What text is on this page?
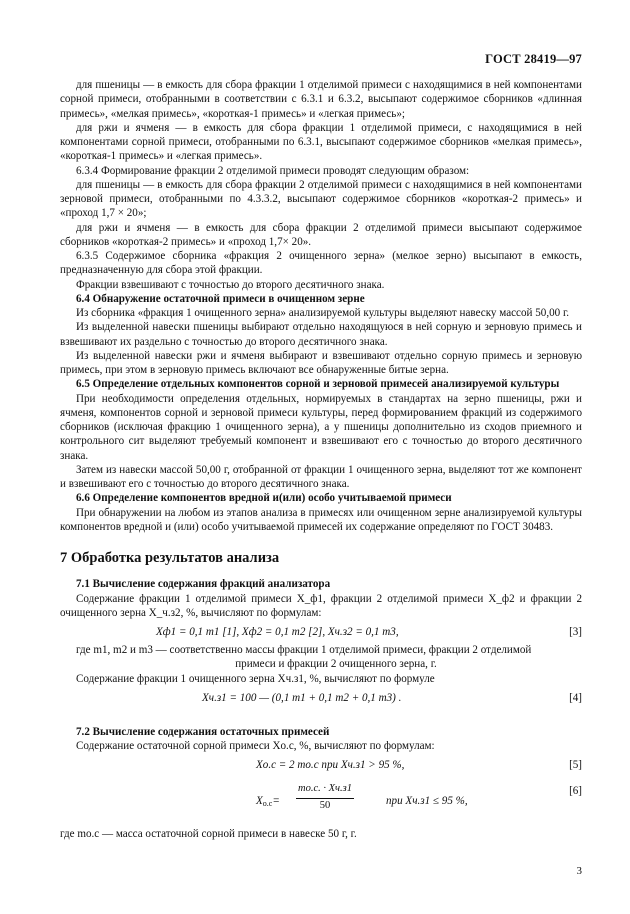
ГОСТ 28419—97

для пшеницы — в емкость для сбора фракции 1 отделимой примеси с находящимися в ней компонентами сорной примеси, отобранными в соответствии с 6.3.1 и 6.3.2, высыпают содержимое сборников «длинная примесь», «мелкая примесь», «короткая-1 примесь» и «легкая примесь»;

для ржи и ячменя — в емкость для сбора фракции 1 отделимой примеси, с находящимися в ней компонентами сорной примеси, отобранными по 6.3.1, высыпают содержимое сборников «мелкая примесь», «короткая-1 примесь» и «легкая примесь».

6.3.4 Формирование фракции 2 отделимой примеси проводят следующим образом:

для пшеницы — в емкость для сбора фракции 2 отделимой примеси с находящимися в ней компонентами зерновой примеси, отобранными по 4.3.3.2, высыпают содержимое сборников «короткая-2 примесь» и «проход 1,7 × 20»;

для ржи и ячменя — в емкость для сбора фракции 2 отделимой примеси высыпают содержимое сборников «короткая-2 примесь» и «проход 1,7× 20».

6.3.5 Содержимое сборника «фракция 2 очищенного зерна» (мелкое зерно) высыпают в емкость, предназначенную для сбора этой фракции.

Фракции взвешивают с точностью до второго десятичного знака.

6.4 Обнаружение остаточной примеси в очищенном зерне

Из сборника «фракция 1 очищенного зерна» анализируемой культуры выделяют навеску массой 50,00 г.

Из выделенной навески пшеницы выбирают отдельно находящуюся в ней сорную и зерновую примесь и взвешивают их раздельно с точностью до второго десятичного знака.

Из выделенной навески ржи и ячменя выбирают и взвешивают отдельно сорную примесь и зерновую примесь, при этом в зерновую примесь включают все обнаруженные битые зерна.

6.5 Определение отдельных компонентов сорной и зерновой примесей анализируемой культуры

При необходимости определения отдельных, нормируемых в стандартах на зерно пшеницы, ржи и ячменя, компонентов сорной и зерновой примеси культуры, перед формированием фракций из содержимого сборников (исключая фракцию 1 очищенного зерна), а у пшеницы дополнительно из сходов приемного и контрольного сит выделяют требуемый компонент и взвешивают его с точностью до второго десятичного знака.

Затем из навески массой 50,00 г, отобранной от фракции 1 очищенного зерна, выделяют тот же компонент и взвешивают его с точностью до второго десятичного знака.

6.6 Определение компонентов вредной и(или) особо учитываемой примеси

При обнаружении на любом из этапов анализа в примесях или очищенном зерне анализируемой культуры компонентов вредной и (или) особо учитываемой примесей их содержание определяют по ГОСТ 30483.

7 Обработка результатов анализа

7.1 Вычисление содержания фракций анализатора

Содержание фракции 1 отделимой примеси X_ф1, фракции 2 отделимой примеси X_ф2 и фракции 2 очищенного зерна X_ч.з2, %, вычисляют по формулам:

Xф1 = 0,1 m1 [1], Xф2 = 0,1 m2 [2], Xч.з2 = 0,1 m3,	[3]

где m1, m2 и m3 — соответственно массы фракции 1 отделимой примеси, фракции 2 отделимой

примеси и фракции 2 очищенного зерна, г.

Содержание фракции 1 очищенного зерна Xч.з1, %, вычисляют по формуле

Xч.з1 = 100 — (0,1 m1 + 0,1 m2 + 0,1 m3) .	[4]

7.2 Вычисление содержания остаточных примесей

Содержание остаточной сорной примеси Xо.с, %, вычисляют по формулам:

Xо.с = 2 mо.с при Xч.з1 > 95 %,	[5]
Xо.с=
mо.с. · Xч.з1
50	при Xч.з1 ≤ 95 %,
[6]

где mо.с — масса остаточной сорной примеси в навеске 50 г, г.

3
